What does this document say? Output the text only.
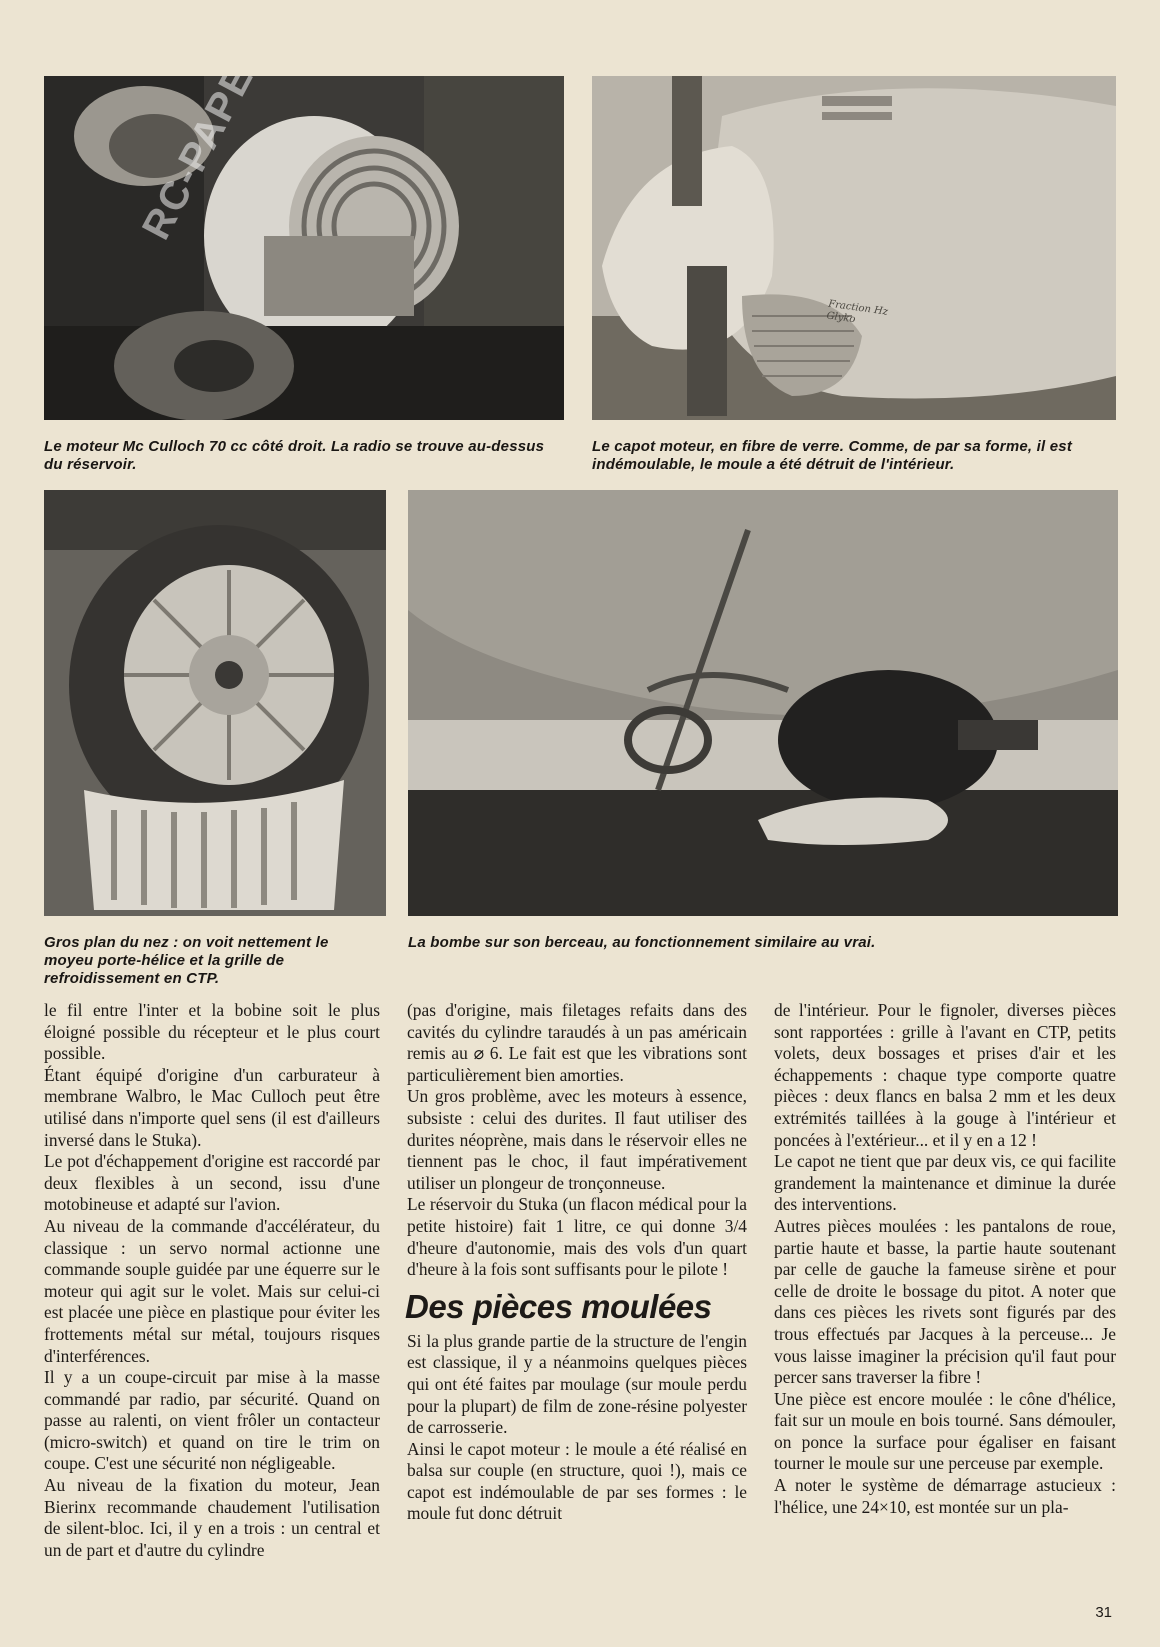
Le moteur Mc Culloch 70 cc côté droit. La radio se trouve au-dessus du réservoir.
Fraction Hz Glyko
Le capot moteur, en fibre de verre. Comme, de par sa forme, il est indémoulable, le moule a été détruit de l'intérieur.
Gros plan du nez : on voit nettement le moyeu porte-hélice et la grille de refroidissement en CTP.
La bombe sur son berceau, au fonctionnement similaire au vrai.

le fil entre l'inter et la bobine soit le plus éloigné possible du récepteur et le plus court possible.

Étant équipé d'origine d'un carburateur à membrane Walbro, le Mac Culloch peut être utilisé dans n'importe quel sens (il est d'ailleurs inversé dans le Stuka).

Le pot d'échappement d'origine est raccordé par deux flexibles à un second, issu d'une motobineuse et adapté sur l'avion.

Au niveau de la commande d'accélérateur, du classique : un servo normal actionne une commande souple guidée par une équerre sur le moteur qui agit sur le volet. Mais sur celui-ci est placée une pièce en plastique pour éviter les frottements métal sur métal, toujours risques d'interférences.

Il y a un coupe-circuit par mise à la masse commandé par radio, par sécurité. Quand on passe au ralenti, on vient frôler un contacteur (micro-switch) et quand on tire le trim on coupe. C'est une sécurité non négligeable.

Au niveau de la fixation du moteur, Jean Bierinx recommande chaudement l'utilisation de silent-bloc. Ici, il y en a trois : un central et un de part et d'autre du cylindre

(pas d'origine, mais filetages refaits dans des cavités du cylindre taraudés à un pas américain remis au ⌀ 6. Le fait est que les vibrations sont particulièrement bien amorties.

Un gros problème, avec les moteurs à essence, subsiste : celui des durites. Il faut utiliser des durites néoprène, mais dans le réservoir elles ne tiennent pas le choc, il faut impérativement utiliser un plongeur de tronçonneuse.

Le réservoir du Stuka (un flacon médical pour la petite histoire) fait 1 litre, ce qui donne 3/4 d'heure d'autonomie, mais des vols d'un quart d'heure à la fois sont suffisants pour le pilote !

Des pièces moulées

Si la plus grande partie de la structure de l'engin est classique, il y a néanmoins quelques pièces qui ont été faites par moulage (sur moule perdu pour la plupart) de film de zone-résine polyester de carrosserie.

Ainsi le capot moteur : le moule a été réalisé en balsa sur couple (en structure, quoi !), mais ce capot est indémoulable de par ses formes : le moule fut donc détruit

de l'intérieur. Pour le fignoler, diverses pièces sont rapportées : grille à l'avant en CTP, petits volets, deux bossages et prises d'air et les échappements : chaque type comporte quatre pièces : deux flancs en balsa 2 mm et les deux extrémités taillées à la gouge à l'intérieur et poncées à l'extérieur... et il y en a 12 !

Le capot ne tient que par deux vis, ce qui facilite grandement la maintenance et diminue la durée des interventions.

Autres pièces moulées : les pantalons de roue, partie haute et basse, la partie haute soutenant par celle de gauche la fameuse sirène et pour celle de droite le bossage du pitot. A noter que dans ces pièces les rivets sont figurés par des trous effectués par Jacques à la perceuse... Je vous laisse imaginer la précision qu'il faut pour percer sans traverser la fibre !

Une pièce est encore moulée : le cône d'hélice, fait sur un moule en bois tourné. Sans démouler, on ponce la surface pour égaliser en faisant tourner le moule sur une perceuse par exemple.

A noter le système de démarrage astucieux : l'hélice, une 24×10, est montée sur un pla-

31
